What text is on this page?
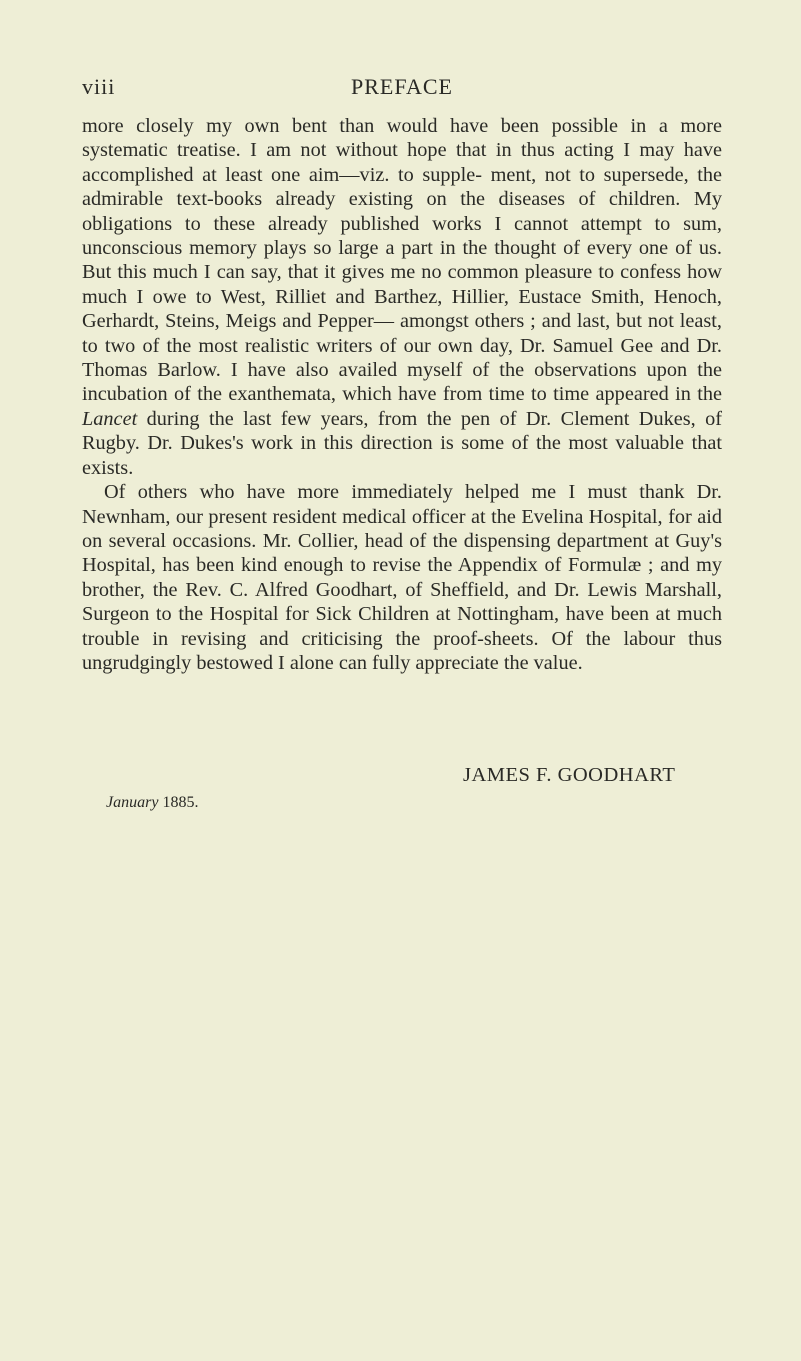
viii	PREFACE

more closely my own bent than would have been possible in a more systematic treatise. I am not without hope that in thus acting I may have accomplished at least one aim—viz. to supple- ment, not to supersede, the admirable text-books already existing on the diseases of children. My obligations to these already published works I cannot attempt to sum, unconscious memory plays so large a part in the thought of every one of us. But this much I can say, that it gives me no common pleasure to confess how much I owe to West, Rilliet and Barthez, Hillier, Eustace Smith, Henoch, Gerhardt, Steins, Meigs and Pepper— amongst others ; and last, but not least, to two of the most realistic writers of our own day, Dr. Samuel Gee and Dr. Thomas Barlow. I have also availed myself of the observations upon the incubation of the exanthemata, which have from time to time appeared in the Lancet during the last few years, from the pen of Dr. Clement Dukes, of Rugby. Dr. Dukes's work in this direction is some of the most valuable that exists.

Of others who have more immediately helped me I must thank Dr. Newnham, our present resident medical officer at the Evelina Hospital, for aid on several occasions. Mr. Collier, head of the dispensing department at Guy's Hospital, has been kind enough to revise the Appendix of Formulæ ; and my brother, the Rev. C. Alfred Goodhart, of Sheffield, and Dr. Lewis Marshall, Surgeon to the Hospital for Sick Children at Nottingham, have been at much trouble in revising and criticising the proof-sheets. Of the labour thus ungrudgingly bestowed I alone can fully appreciate the value.

JAMES F. GOODHART
January 1885.
